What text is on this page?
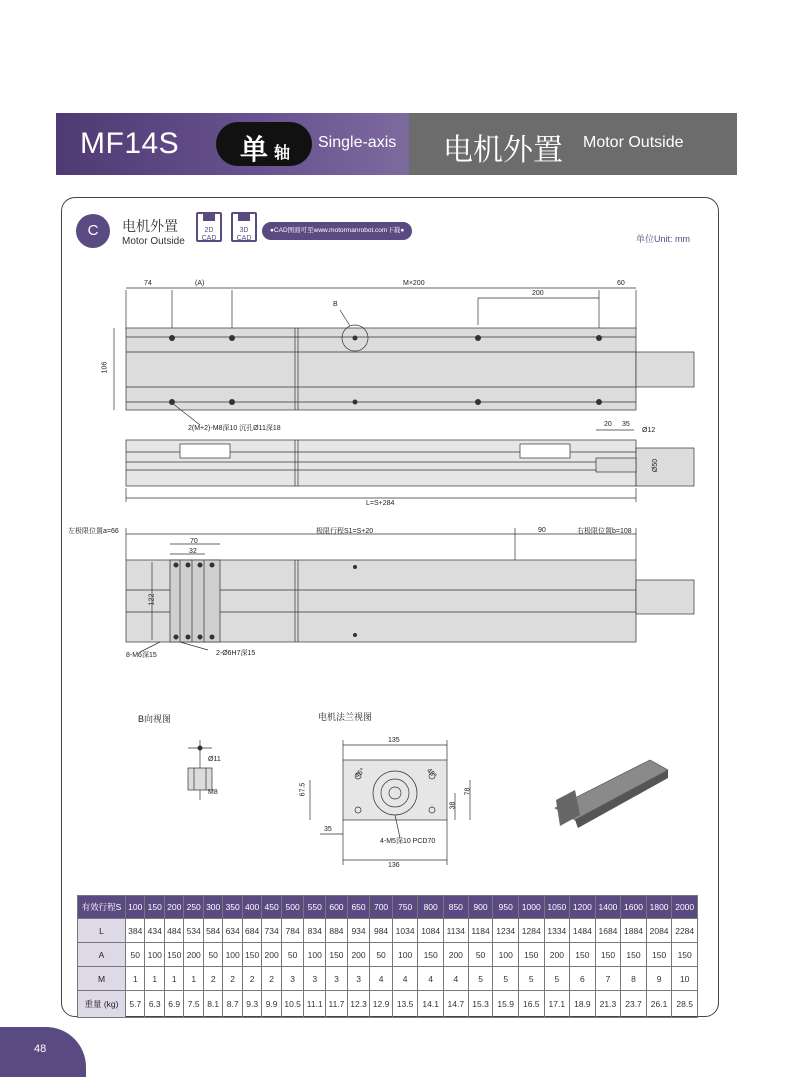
MF14S 单 轴
Single-axis 电机外置 Motor Outside
C	电机外置
Motor Outside
2D
CAD
3D
CAD
●CAD图面可至www.motormanrobot.com下载●
单位Unit: mm
74	(A)	M×200	60
200
B
106
2(M+2)-M8深10 沉孔Ø11深18
20 35
Ø12
Ø50
L=S+284
左极限位置a=66	极限行程S1=S+20	90	右极限位置b=108
70
32
122
8-M6深15	2-Ø6H7深15
B向视图
Ø11
M8
电机法兰视图
135
67.5
35
38
78
45°	45°
4-M5深10 PCD70
136
有效行程S	100	150	200	250	300	350	400	450	500	550	600	650	700	750	800	850	900	950	1000	1050	1200	1400	1600	1800	2000
L	384	434	484	534	584	634	684	734	784	834	884	934	984	1034	1084	1134	1184	1234	1284	1334	1484	1684	1884	2084	2284
A	50	100	150	200	50	100	150	200	50	100	150	200	50	100	150	200	50	100	150	200	150	150	150	150	150
M	1	1	1	1	2	2	2	2	3	3	3	3	4	4	4	4	5	5	5	5	6	7	8	9	10
重量 (kg)	5.7	6.3	6.9	7.5	8.1	8.7	9.3	9.9	10.5	11.1	11.7	12.3	12.9	13.5	14.1	14.7	15.3	15.9	16.5	17.1	18.9	21.3	23.7	26.1	28.5
48
